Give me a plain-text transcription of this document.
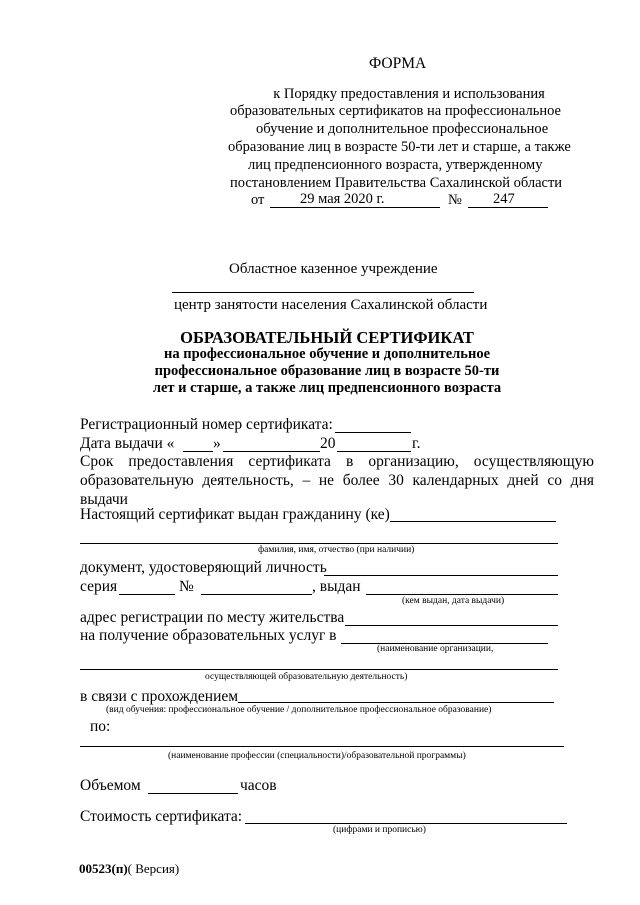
ФОРМА
к Порядку предоставления и использования
образовательных сертификатов на профессиональное
обучение и дополнительное профессиональное
образование лиц в возрасте 50-ти лет и старше, а также
лиц предпенсионного возраста, утвержденному
постановлением Правительства Сахалинской области
от 29 мая 2020 г.	№ 247
Областное казенное учреждение
центр занятости населения Сахалинской области
ОБРАЗОВАТЕЛЬНЫЙ СЕРТИФИКАТ
на профессиональное обучение и дополнительное
профессиональное образование лиц в возрасте 50-ти
лет и старше, а также лиц предпенсионного возраста
Регистрационный номер сертификата:
Дата выдачи « »	20	г.
Срок предоставления сертификата в организацию, осуществляющую образовательную деятельность, – не более 30 календарных дней со дня выдачи
Настоящий сертификат выдан гражданину (ке)
фамилия, имя, отчество (при наличии)
документ, удостоверяющий личность
серия	№	, выдан
(кем выдан, дата выдачи)
адрес регистрации по месту жительства
на получение образовательных услуг в
(наименование организации,
осуществляющей образовательную деятельность)
в связи с прохождением
(вид обучения: профессиональное обучение / дополнительное профессиональное образование)
по:
(наименование профессии (специальности)/образовательной программы)
Объемом	часов
Стоимость сертификата:
(цифрами и прописью)
00523(п)( Версия)
